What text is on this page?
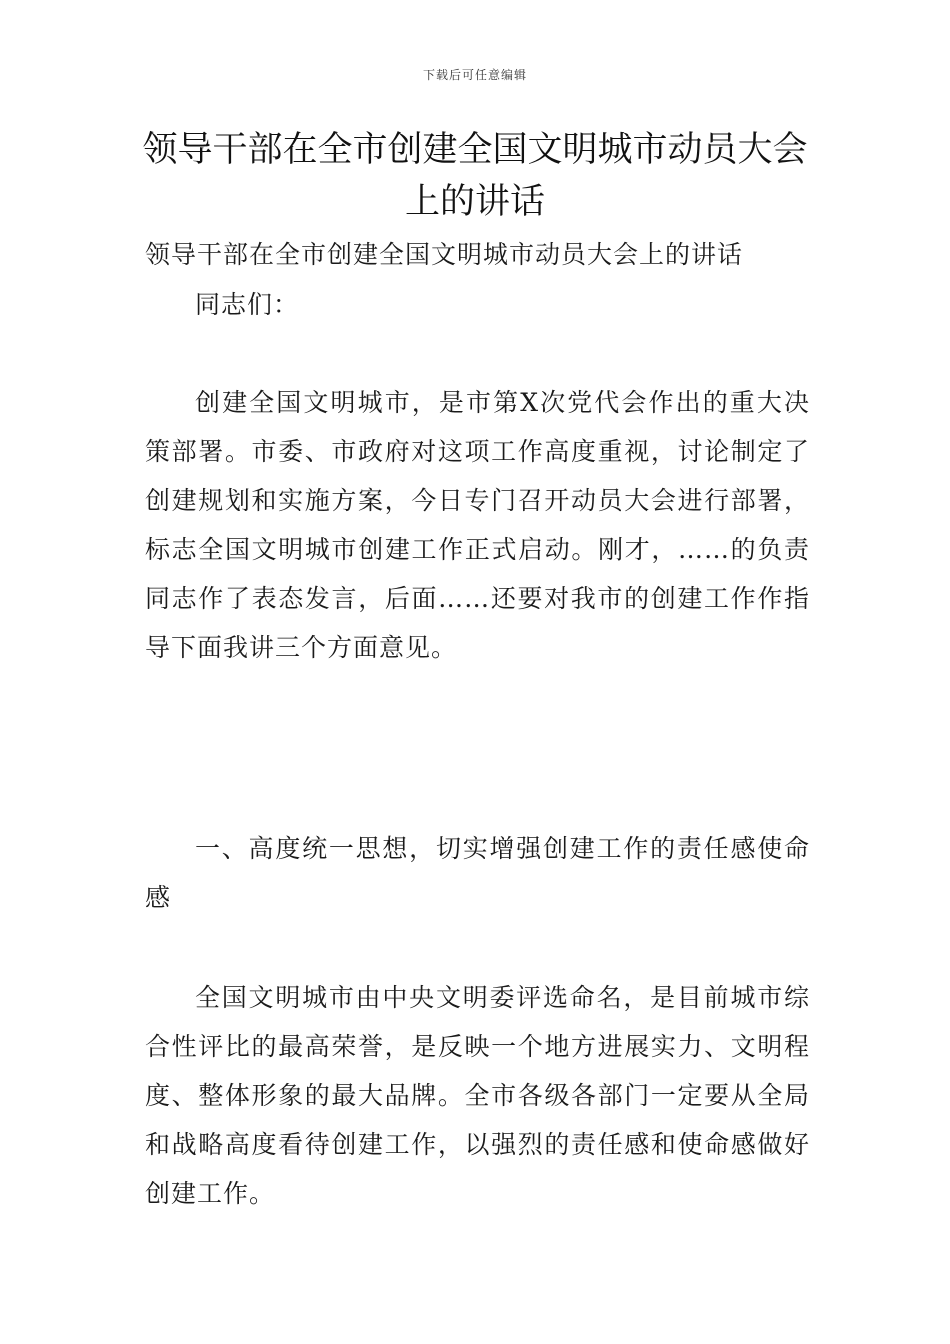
下载后可任意编辑
领导干部在全市创建全国文明城市动员大会上的讲话

领导干部在全市创建全国文明城市动员大会上的讲话

同志们：

创建全国文明城市，是市第X次党代会作出的重大决策部署。市委、市政府对这项工作高度重视，讨论制定了创建规划和实施方案，今日专门召开动员大会进行部署，标志全国文明城市创建工作正式启动。刚才，……的负责同志作了表态发言，后面……还要对我市的创建工作作指导下面我讲三个方面意见。

一、高度统一思想，切实增强创建工作的责任感使命感

全国文明城市由中央文明委评选命名，是目前城市综合性评比的最高荣誉，是反映一个地方进展实力、文明程度、整体形象的最大品牌。全市各级各部门一定要从全局和战略高度看待创建工作，以强烈的责任感和使命感做好创建工作。
